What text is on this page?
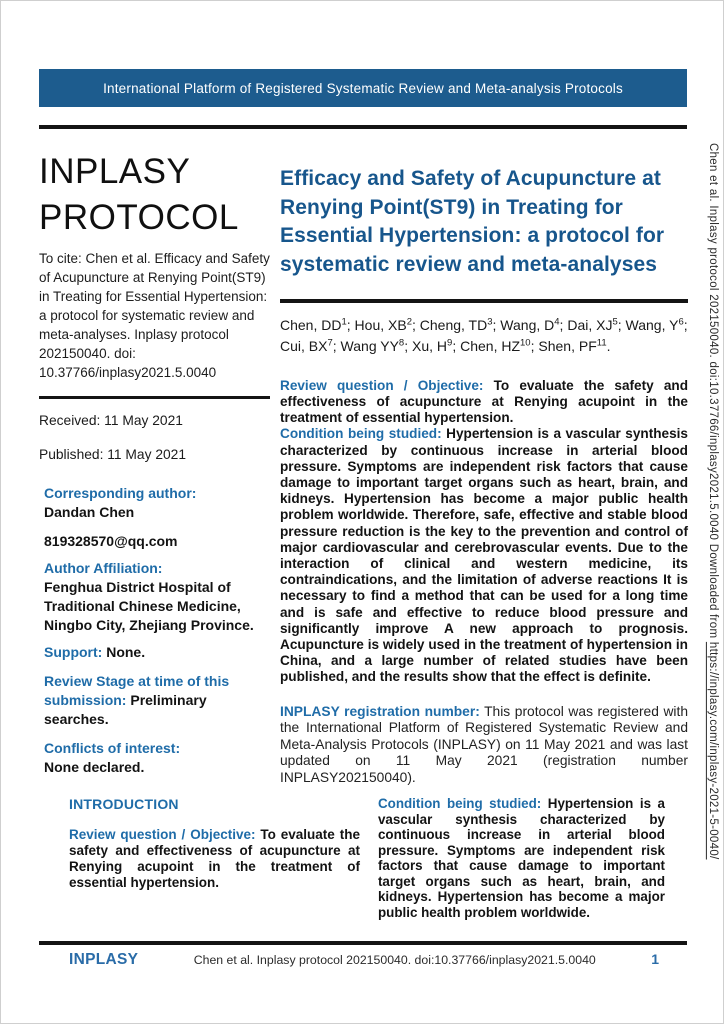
International Platform of Registered Systematic Review and Meta-analysis Protocols
INPLASY
PROTOCOL

To cite: Chen et al. Efficacy and Safety of Acupuncture at Renying Point(ST9) in Treating for Essential Hypertension: a protocol for systematic review and meta-analyses. Inplasy protocol 202150040. doi: 10.37766/inplasy2021.5.0040

Received: 11 May 2021

Published: 11 May 2021

Corresponding author:
Dandan Chen

819328570@qq.com

Author Affiliation:
Fenghua District Hospital of Traditional Chinese Medicine, Ningbo City, Zhejiang Province.

Support: None.

Review Stage at time of this submission: Preliminary searches.

Conflicts of interest:
None declared.

Efficacy and Safety of Acupuncture at Renying Point(ST9) in Treating for Essential Hypertension: a protocol for systematic review and meta-analyses

Chen, $DD^1$; Hou, $XB^2$; Cheng, $TD^3$; Wang, $D^4$; Dai, $XJ^5$; Wang, $Y^6$; Cui, $BX^7$; Wang $YY^8$; Xu, $H^9$; Chen, HZ$^{10}$; Shen, PF$^{11}$.

Review question / Objective: To evaluate the safety and effectiveness of acupuncture at Renying acupoint in the treatment of essential hypertension.
Condition being studied: Hypertension is a vascular synthesis characterized by continuous increase in arterial blood pressure. Symptoms are independent risk factors that cause damage to important target organs such as heart, brain, and kidneys. Hypertension has become a major public health problem worldwide. Therefore, safe, effective and stable blood pressure reduction is the key to the prevention and control of major cardiovascular and cerebrovascular events. Due to the interaction of clinical and western medicine, its contraindications, and the limitation of adverse reactions It is necessary to find a method that can be used for a long time and is safe and effective to reduce blood pressure and significantly improve A new approach to prognosis. Acupuncture is widely used in the treatment of hypertension in China, and a large number of related studies have been published, and the results show that the effect is definite.

INPLASY registration number: This protocol was registered with the International Platform of Registered Systematic Review and Meta-Analysis Protocols (INPLASY) on 11 May 2021 and was last updated on 11 May 2021 (registration number INPLASY202150040).

INTRODUCTION

Review question / Objective: To evaluate the safety and effectiveness of acupuncture at Renying acupoint in the treatment of essential hypertension.

Condition being studied: Hypertension is a vascular synthesis characterized by continuous increase in arterial blood pressure. Symptoms are independent risk factors that cause damage to important target organs such as heart, brain, and kidneys. Hypertension has become a major public health problem worldwide.

INPLASY	Chen et al. Inplasy protocol 202150040. doi:10.37766/inplasy2021.5.0040	1
Chen et al. Inplasy protocol 202150040. doi:10.37766/inplasy2021.5.0040 Downloaded from https://inplasy.com/inplasy-2021-5-0040/
